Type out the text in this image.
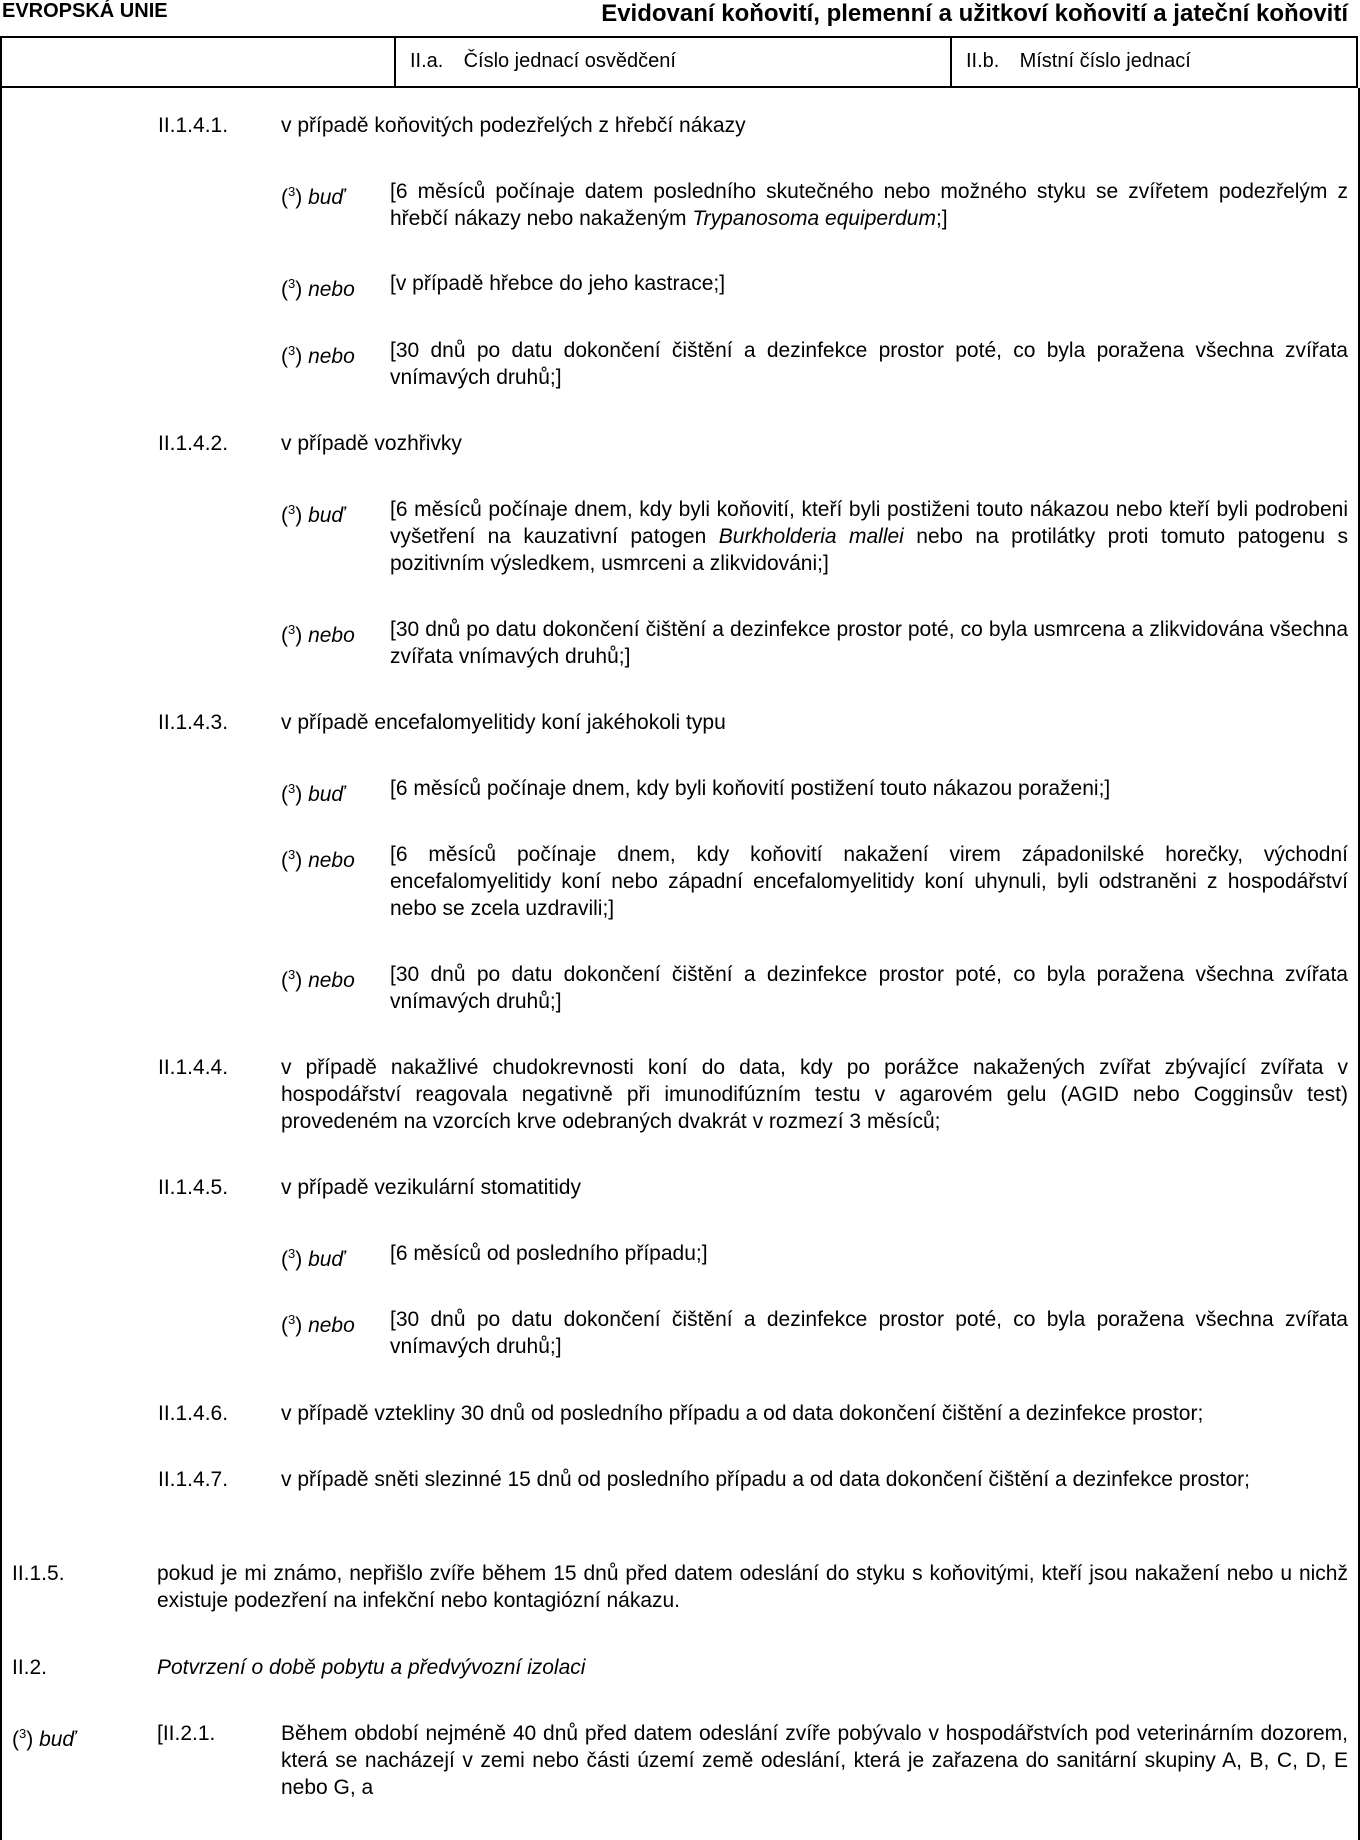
EVROPSKÁ UNIE	Evidovaní koňovití, plemenní a užitkoví koňovití a jateční koňovití
II.a. Číslo jednací osvědčení	II.b. Místní číslo jednací
II.1.4.1.	v případě koňovitých podezřelých z hřebčí nákazy
($^3$) buď [6 měsíců počínaje datem posledního skutečného nebo možného styku se zvířetem podezřelým z hřebčí nákazy nebo nakaženým Trypanosoma equiperdum;]
($^3$) nebo [v případě hřebce do jeho kastrace;]
($^3$) nebo [30 dnů po datu dokončení čištění a dezinfekce prostor poté, co byla poražena všechna zvířata vnímavých druhů;]
II.1.4.2.	v případě vozhřivky
($^3$) buď [6 měsíců počínaje dnem, kdy byli koňovití, kteří byli postiženi touto nákazou nebo kteří byli podrobeni vyšetření na kauzativní patogen Burkholderia mallei nebo na protilátky proti tomuto patogenu s pozitivním výsledkem, usmrceni a zlikvidováni;]
($^3$) nebo [30 dnů po datu dokončení čištění a dezinfekce prostor poté, co byla usmrcena a zlikvidována všechna zvířata vnímavých druhů;]
II.1.4.3.	v případě encefalomyelitidy koní jakéhokoli typu
($^3$) buď [6 měsíců počínaje dnem, kdy byli koňovití postižení touto nákazou poraženi;]
($^3$) nebo [6 měsíců počínaje dnem, kdy koňovití nakažení virem západonilské horečky, východní encefalomyelitidy koní nebo západní encefalomyelitidy koní uhynuli, byli odstraněni z hospodářství nebo se zcela uzdravili;]
($^3$) nebo [30 dnů po datu dokončení čištění a dezinfekce prostor poté, co byla poražena všechna zvířata vnímavých druhů;]
II.1.4.4.	v případě nakažlivé chudokrevnosti koní do data, kdy po porážce nakažených zvířat zbývající zvířata v hospodářství reagovala negativně při imunodifúzním testu v agarovém gelu (AGID nebo Cogginsův test) provedeném na vzorcích krve odebraných dvakrát v rozmezí 3 měsíců;
II.1.4.5.	v případě vezikulární stomatitidy
($^3$) buď [6 měsíců od posledního případu;]
($^3$) nebo [30 dnů po datu dokončení čištění a dezinfekce prostor poté, co byla poražena všechna zvířata vnímavých druhů;]
II.1.4.6.	v případě vztekliny 30 dnů od posledního případu a od data dokončení čištění a dezinfekce prostor;
II.1.4.7.	v případě sněti slezinné 15 dnů od posledního případu a od data dokončení čištění a dezinfekce prostor;
II.1.5.	pokud je mi známo, nepřišlo zvíře během 15 dnů před datem odeslání do styku s koňovitými, kteří jsou nakažení nebo u nichž existuje podezření na infekční nebo kontagiózní nákazu.
II.2.	Potvrzení o době pobytu a předvývozní izolaci
($^3$) buď	[II.2.1.	Během období nejméně 40 dnů před datem odeslání zvíře pobývalo v hospodářstvích pod veterinárním dozorem, která se nacházejí v zemi nebo části území země odeslání, která je zařazena do sanitární skupiny A, B, C, D, E nebo G, a
